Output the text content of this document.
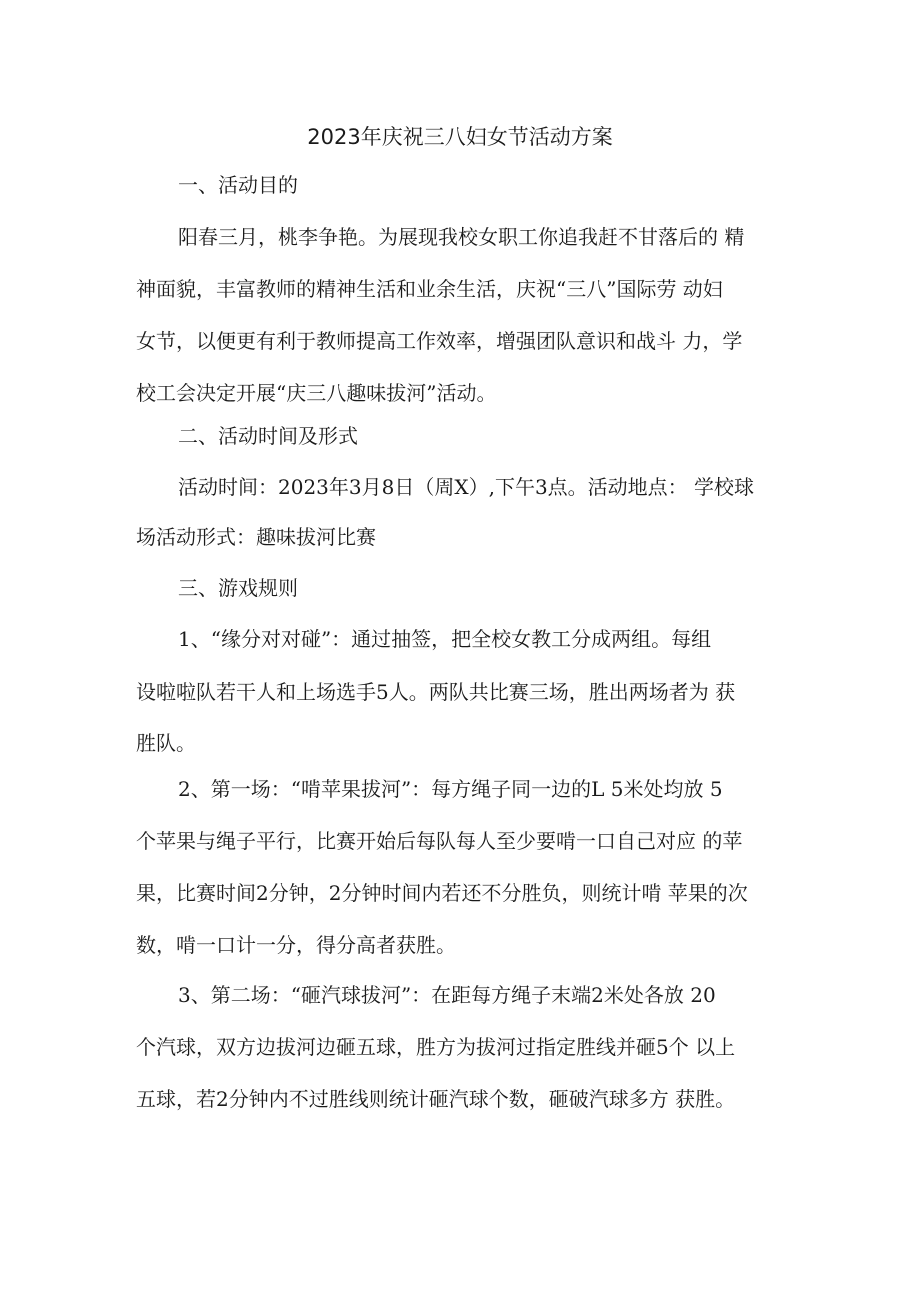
2023年庆祝三八妇女节活动方案
一、活动目的
阳春三月，桃李争艳。为展现我校女职工你追我赶不甘落后的 精
神面貌，丰富教师的精神生活和业余生活，庆祝“三八”国际劳 动妇
女节，以便更有利于教师提高工作效率，增强团队意识和战斗 力，学
校工会决定开展“庆三八趣味拔河”活动。
二、活动时间及形式
活动时间：2023年3月8日（周X）,下午3点。活动地点： 学校球
场活动形式：趣味拔河比赛
三、游戏规则
1、“缘分对对碰”：通过抽签，把全校女教工分成两组。每组
设啦啦队若干人和上场选手5人。两队共比赛三场，胜出两场者为 获
胜队。
2、第一场：“啃苹果拔河”：每方绳子同一边的L 5米处均放 5
个苹果与绳子平行，比赛开始后每队每人至少要啃一口自己对应 的苹
果，比赛时间2分钟，2分钟时间内若还不分胜负，则统计啃 苹果的次
数，啃一口计一分，得分高者获胜。
3、第二场：“砸汽球拔河”：在距每方绳子末端2米处各放 20
个汽球，双方边拔河边砸五球，胜方为拔河过指定胜线并砸5个 以上
五球，若2分钟内不过胜线则统计砸汽球个数，砸破汽球多方 获胜。
